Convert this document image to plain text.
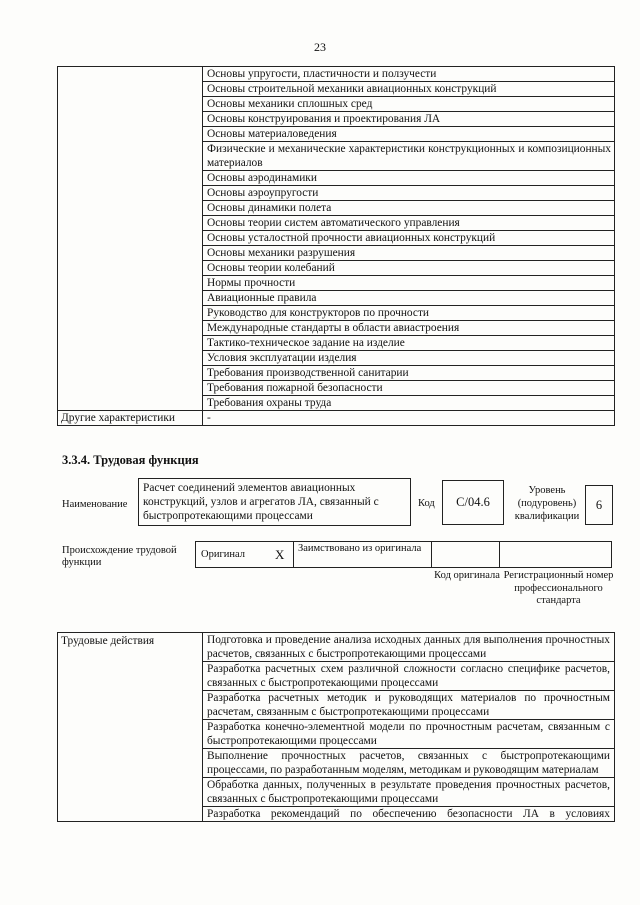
23
	Основы упругости, пластичности и ползучести
	Основы строительной механики авиационных конструкций
	Основы механики сплошных сред
	Основы конструирования и проектирования ЛА
	Основы материаловедения
	Физические и механические характеристики конструкционных и композиционных материалов
	Основы аэродинамики
	Основы аэроупругости
	Основы динамики полета
	Основы теории систем автоматического управления
	Основы усталостной прочности авиационных конструкций
	Основы механики разрушения
	Основы теории колебаний
	Нормы прочности
	Авиационные правила
	Руководство для конструкторов по прочности
	Международные стандарты в области авиастроения
	Тактико-техническое задание на изделие
	Условия эксплуатации изделия
	Требования производственной санитарии
	Требования пожарной безопасности
	Требования охраны труда
Другие характеристики	-
3.3.4. Трудовая функция
Наименование
Расчет соединений элементов авиационных конструкций, узлов и агрегатов ЛА, связанный с быстропротекающими процессами
Код	C/04.6
Уровень (подуровень) квалификации
6
Происхождение трудовой функции
Оригинал X	Заимствовано из оригинала
Код оригинала Регистрационный номер профессионального стандарта
Трудовые действия	Подготовка и проведение анализа исходных данных для выполнения прочностных расчетов, связанных с быстропротекающими процессами
Разработка расчетных схем различной сложности согласно специфике расчетов, связанных с быстропротекающими процессами
Разработка расчетных методик и руководящих материалов по прочностным расчетам, связанным с быстропротекающими процессами
Разработка конечно-элементной модели по прочностным расчетам, связанным с быстропротекающими процессами
Выполнение прочностных расчетов, связанных с быстропротекающими процессами, по разработанным моделям, методикам и руководящим материалам
Обработка данных, полученных в результате проведения прочностных расчетов, связанных с быстропротекающими процессами
Разработка рекомендаций по обеспечению безопасности ЛА в условиях
